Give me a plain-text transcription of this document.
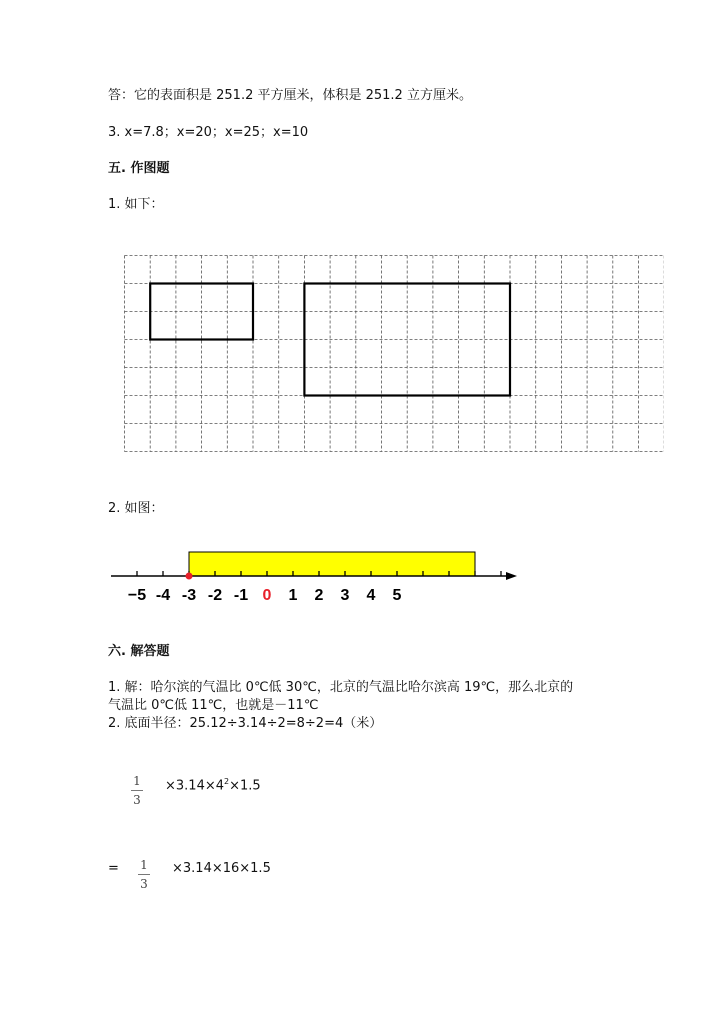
答：它的表面积是 251.2 平方厘米，体积是 251.2 立方厘米。
3. x=7.8；x=20；x=25；x=10
五. 作图题
1. 如下：
2. 如图：
−5 -4 -3 -2 -1 0 1 2 3 4 5
六. 解答题
1. 解：哈尔滨的气温比 0℃低 30℃，北京的气温比哈尔滨高 19℃，那么北京的
气温比 0℃低 11℃，也就是－11℃
2. 底面半径：25.12÷3.14÷2=8÷2=4（米）
1
3
$\times 3.14\times 4^2\times 1.5$
= 1
3
×3.14×16×1.5
